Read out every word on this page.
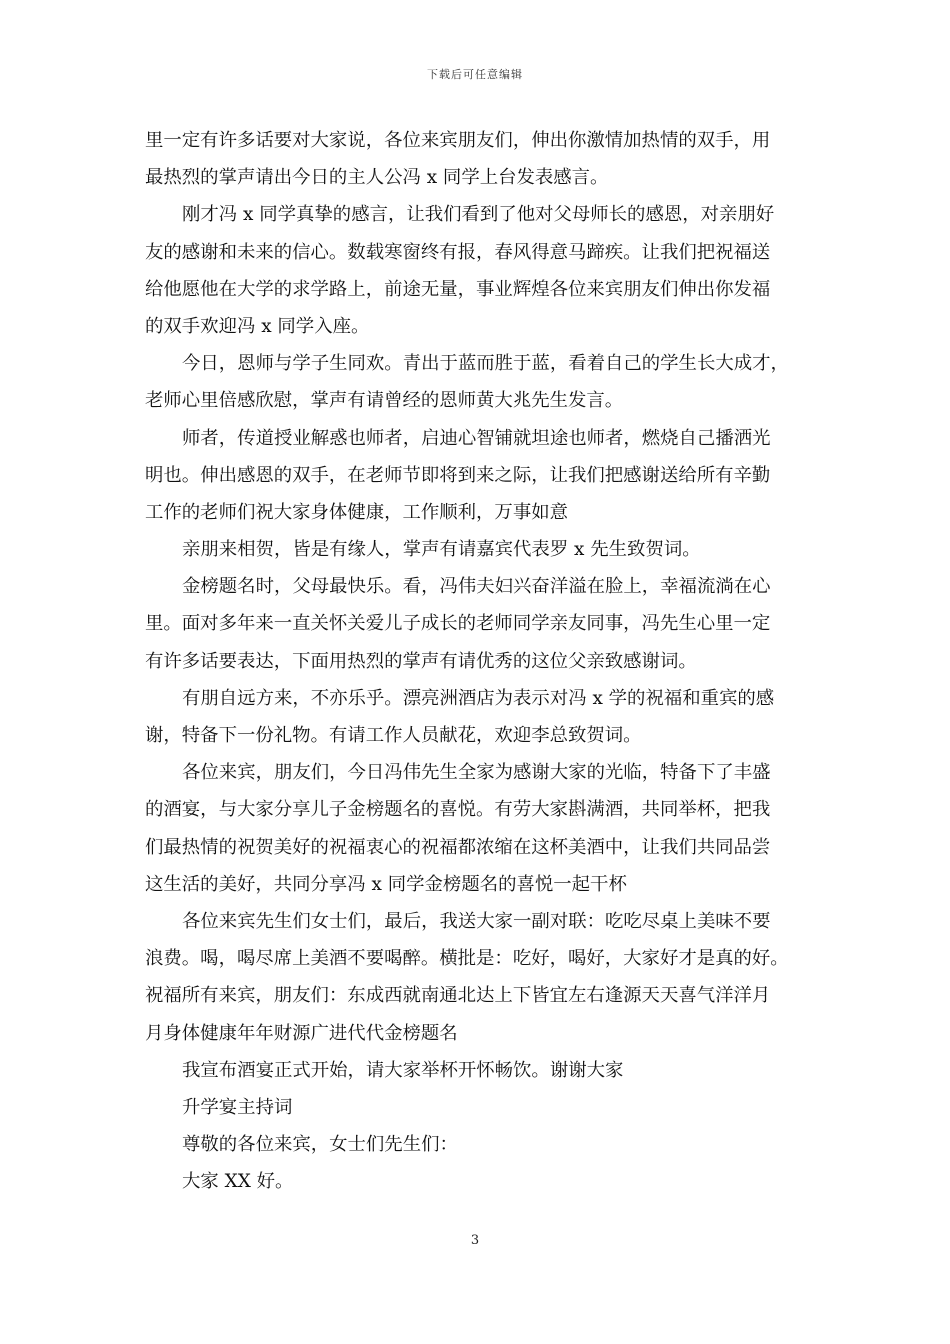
下载后可任意编辑
里一定有许多话要对大家说，各位来宾朋友们，伸出你激情加热情的双手，用
最热烈的掌声请出今日的主人公冯 x 同学上台发表感言。
刚才冯 x 同学真挚的感言，让我们看到了他对父母师长的感恩，对亲朋好
友的感谢和未来的信心。数载寒窗终有报，春风得意马蹄疾。让我们把祝福送
给他愿他在大学的求学路上，前途无量，事业辉煌各位来宾朋友们伸出你发福
的双手欢迎冯 x 同学入座。
今日，恩师与学子生同欢。青出于蓝而胜于蓝，看着自己的学生长大成才，
老师心里倍感欣慰，掌声有请曾经的恩师黄大兆先生发言。
师者，传道授业解惑也师者，启迪心智铺就坦途也师者，燃烧自己播洒光
明也。伸出感恩的双手，在老师节即将到来之际，让我们把感谢送给所有辛勤
工作的老师们祝大家身体健康，工作顺利，万事如意
亲朋来相贺，皆是有缘人，掌声有请嘉宾代表罗 x 先生致贺词。
金榜题名时，父母最快乐。看，冯伟夫妇兴奋洋溢在脸上，幸福流淌在心
里。面对多年来一直关怀关爱儿子成长的老师同学亲友同事，冯先生心里一定
有许多话要表达，下面用热烈的掌声有请优秀的这位父亲致感谢词。
有朋自远方来，不亦乐乎。漂亮洲酒店为表示对冯 x 学的祝福和重宾的感
谢，特备下一份礼物。有请工作人员献花，欢迎李总致贺词。
各位来宾，朋友们，今日冯伟先生全家为感谢大家的光临，特备下了丰盛
的酒宴，与大家分享儿子金榜题名的喜悦。有劳大家斟满酒，共同举杯，把我
们最热情的祝贺美好的祝福衷心的祝福都浓缩在这杯美酒中，让我们共同品尝
这生活的美好，共同分享冯 x 同学金榜题名的喜悦一起干杯
各位来宾先生们女士们，最后，我送大家一副对联：吃吃尽桌上美味不要
浪费。喝，喝尽席上美酒不要喝醉。横批是：吃好，喝好，大家好才是真的好。
祝福所有来宾，朋友们：东成西就南通北达上下皆宜左右逢源天天喜气洋洋月
月身体健康年年财源广进代代金榜题名
我宣布酒宴正式开始，请大家举杯开怀畅饮。谢谢大家
升学宴主持词
尊敬的各位来宾，女士们先生们：
大家 XX 好。
3
